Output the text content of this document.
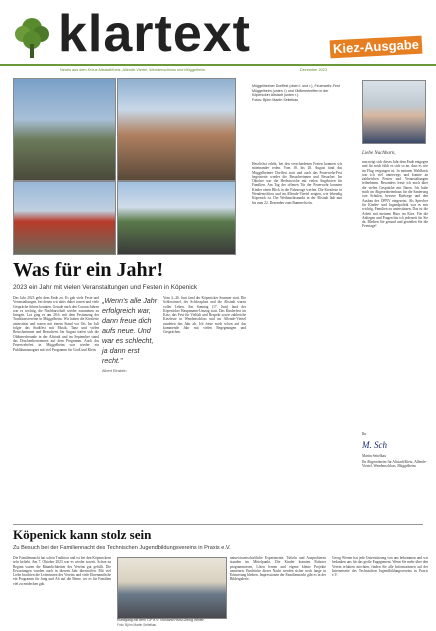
klartext	Kiez-Ausgabe
Neues aus dem Kreuz Altstadt/Kietz, Allende-Viertel, Wendenschloss und Müggelheim	Dezember 2023
Müggelheimer Dorffest (oben l. und r.), Feuerwehr-Fest Müggelheim (unten l.) und Oldtimertreffen in der Köpenicker Altstadt (unten r.).
Fotos: Björn Martin Seitelkau
Was für ein Jahr!
2023 ein Jahr mit vielen Veranstaltungen und Festen in Köpenick
Das Jahr 2023 geht dem Ende zu. Es gab viele Feste und Veranstaltungen, bei denen wir aktiv dabei waren und viele Gespräche führen konnten. Gerade nach den Corona-Jahren war es wichtig, die Nachbarschaft wieder zusammen zu bringen. Los ging es am 28.6. mit dem Festumzug der Traditionsvereine in Müggelheim. Wir haben die Kiezfeste unterstützt und waren mit einem Stand vor Ort. Im Juli folgte das Stadtfest mit Musik, Tanz und vielen Besucherinnen und Besuchern. Im August trafen sich die Oldtimerfreunde in der Altstadt und im September stand das Drachenbootrennen auf dem Programm. Auch das Feuerwehrfest in Müggelheim war wieder ein Publikumsmagnet mit viel Programm für Groß und Klein.
„Wenn's alle Jahr erfolgreich war, dann freue dich aufs neue. Und war es schlecht, ja dann erst recht."
Albert Einstein
Vom 4.–26. Juni fand der Köpenicker Sommer statt. Die Schlossinsel, der Schlossplatz und die Altstadt waren voller Leben. Am Sonntag (17. Juni) fand der Köpenicker Hauptmann-Umzug statt. Das Kinderfest im Kiez, das Fest für Vielfalt und Respekt sowie zahlreiche Kiezfeste in Wendenschloss und im Allende-Viertel rundeten das Jahr ab. Ich freue mich schon auf das kommende Jahr mit vielen Begegnungen und Gesprächen.
Herzlichst erlebt, bei den verschiedenen Festen konnten wir miteinander reden. Vom 18. bis 20. August fand das Müggelheimer Dorffest statt und auch das Feuerwehr-Fest begeisterte wieder die Besucherinnen und Besucher. Im Oktober war die Herbstwoche mit vielen Angeboten für Familien. Am Tag der offenen Tür der Feuerwehr konnten Kinder einen Blick in die Fahrzeuge werfen. Die Kiezfeste in Wendenschloss und im Allende-Viertel zeigten, wie lebendig Köpenick ist. Der Weihnachtsmarkt in der Altstadt lädt nun bis zum 22. Dezember zum Bummeln ein.
Liebe Nachbarn,
nun neigt sich dieses Jahr dem Ende entgegen und für mich fühlt es sich so an, dass es wie im Flug vergangen ist. In meinem Wahlkreis war ich viel unterwegs und konnte an zahlreichen Festen und Veranstaltungen teilnehmen. Besonders freue ich mich über die vielen Gespräche mit Ihnen. Ich habe mich im Abgeordnetenhaus für die Sanierung von Schulen, bessere Radwege und den Ausbau des ÖPNV eingesetzt. Als Sprecher für Kinder- und Jugendpolitik war es mir wichtig, Familien zu unterstützen. Das ist die Arbeit mit meinem Büro im Kiez. Für die Anliegen und Fragen bin ich jederzeit für Sie da. Bleiben Sie gesund und genießen Sie die Feiertage!
Ihr
M. Sch
Martin Seitelkau
Ihr Abgeordneter für Altstadt/Kietz, Allende-Viertel, Wendenschloss, Müggelheim
Köpenick kann stolz sein
Zu Besuch bei der Familiennacht des Technischen Jugendbildungsvereins in Praxis e.V.
Die Familiennacht hat schon Tradition und ist bei den Köpenickern sehr beliebt. Am 7. Oktober 2023 war es wieder soweit. Schon zu Beginn waren die Räumlichkeiten des Vereins gut gefüllt. Die Erwartungen wurden auch in diesem Jahr übertroffen. Mit viel Liebe brachten die Leiterinnen des Vereins und viele Ehrenamtliche ein Programm für Jung und Alt auf die Beine, wo es für Familien viel zu entdecken gab.
Rundgang mit dem TJF e.V. Vorstand Horst-Georg Winter
Foto: Björn Martin Seitelkau
naturwissenschaftliche Experimente, Tüfteln und Ausprobieren standen im Mittelpunkt. Die Kinder konnten Roboter programmieren, Löten lernen und eigene kleine Projekte umsetzen. Eindrücke dieser Nacht werden sicher noch lange in Erinnerung bleiben. Impressionen der Familiennacht gibt es in der Bildergalerie.
Georg Werner hat jede Unterstützung von uns bekommen und wir bedanken uns für das große Engagement. Wenn Sie mehr über den Verein erfahren möchten, finden Sie alle Informationen auf der Internetseite des Technischen Jugendbildungsvereins in Praxis e.V.
